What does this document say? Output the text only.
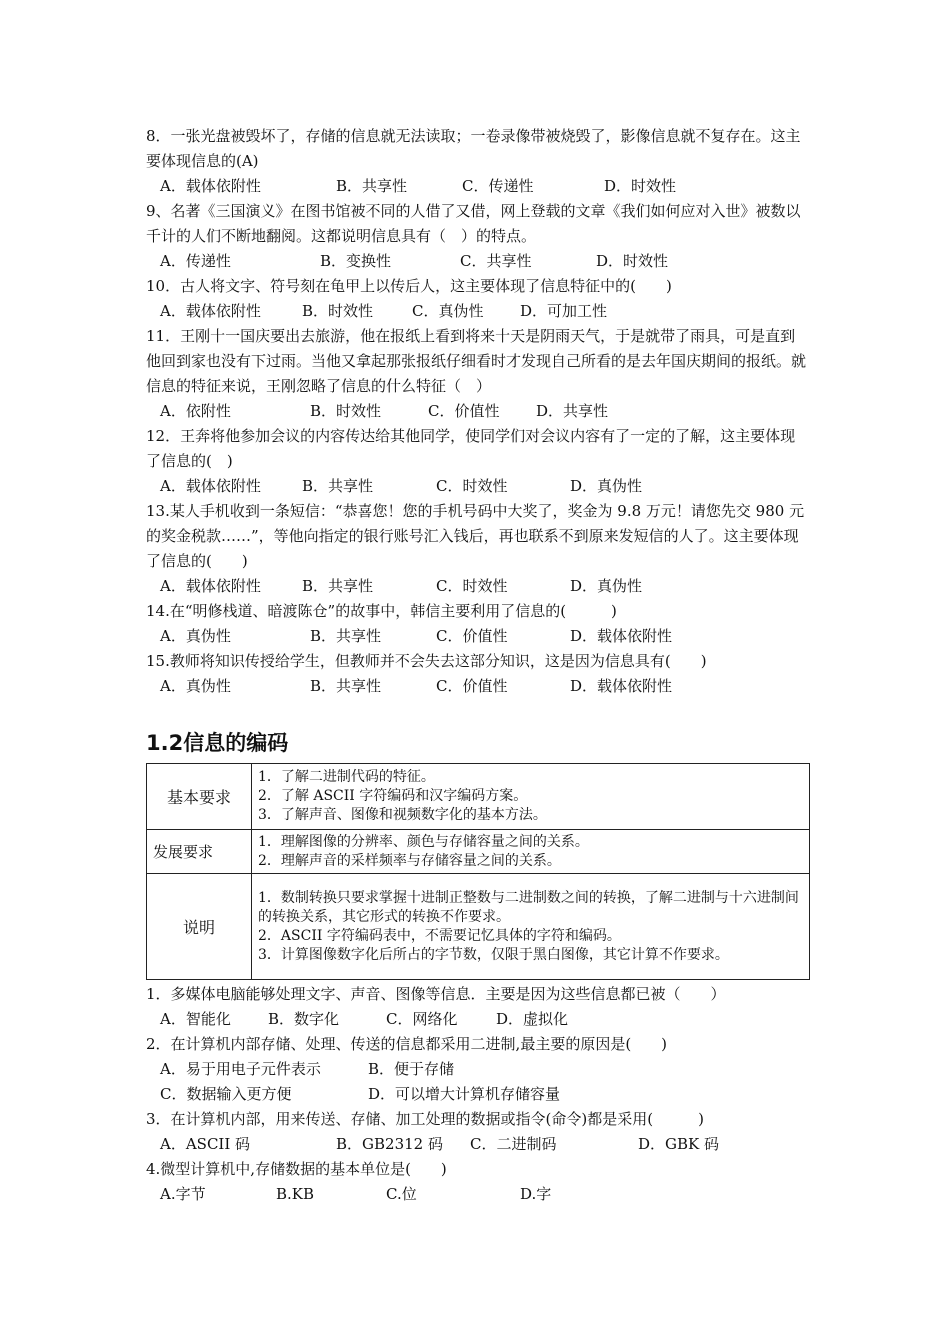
8．一张光盘被毁坏了，存储的信息就无法读取；一卷录像带被烧毁了，影像信息就不复存在。这主要体现信息的(A)
A．载体依附性	B．共享性	C．传递性	D．时效性
9、名著《三国演义》在图书馆被不同的人借了又借，网上登载的文章《我们如何应对入世》被数以千计的人们不断地翻阅。这都说明信息具有（　）的特点。
A．传递性	B．变换性	C．共享性	D．时效性
10．古人将文字、符号刻在龟甲上以传后人，这主要体现了信息特征中的(　　)
A．载体依附性	B．时效性	C．真伪性	D．可加工性
11．王刚十一国庆要出去旅游，他在报纸上看到将来十天是阴雨天气，于是就带了雨具，可是直到他回到家也没有下过雨。当他又拿起那张报纸仔细看时才发现自己所看的是去年国庆期间的报纸。就信息的特征来说，王刚忽略了信息的什么特征（　）
A．依附性	B．时效性	C．价值性	D．共享性
12．王奔将他参加会议的内容传达给其他同学，使同学们对会议内容有了一定的了解，这主要体现了信息的(　)
A．载体依附性	B．共享性	C．时效性	D．真伪性
13.某人手机收到一条短信：“恭喜您！您的手机号码中大奖了，奖金为 9.8 万元！请您先交 980 元的奖金税款……”，等他向指定的银行账号汇入钱后，再也联系不到原来发短信的人了。这主要体现了信息的(　　)
A．载体依附性	B．共享性	C．时效性	D．真伪性
14.在“明修栈道、暗渡陈仓”的故事中，韩信主要利用了信息的(　　　)
A．真伪性	B．共享性	C．价值性	D．载体依附性
15.教师将知识传授给学生，但教师并不会失去这部分知识，这是因为信息具有(　　)
A．真伪性	B．共享性	C．价值性	D．载体依附性
1.2信息的编码
基本要求	1．了解二进制代码的特征。
2．了解 ASCII 字符编码和汉字编码方案。
3．了解声音、图像和视频数字化的基本方法。

发展要求	1．理解图像的分辨率、颜色与存储容量之间的关系。
2．理解声音的采样频率与存储容量之间的关系。

说明	1．数制转换只要求掌握十进制正整数与二进制数之间的转换，了解二进制与十六进制间的转换关系，其它形式的转换不作要求。
2．ASCII 字符编码表中，不需要记忆具体的字符和编码。
3．计算图像数字化后所占的字节数，仅限于黑白图像，其它计算不作要求。
1．多媒体电脑能够处理文字、声音、图像等信息．主要是因为这些信息都已被（　　）
A．智能化	B．数字化	C．网络化	D．虚拟化
2．在计算机内部存储、处理、传送的信息都采用二进制,最主要的原因是(　　)
A．易于用电子元件表示	B．便于存储
C．数据输入更方便	D．可以增大计算机存储容量
3．在计算机内部，用来传送、存储、加工处理的数据或指令(命令)都是采用(　　　)
A．ASCII 码	B．GB2312 码	C．二进制码	D．GBK 码
4.微型计算机中,存储数据的基本单位是(　　)
A.字节	B.KB	C.位	D.字
